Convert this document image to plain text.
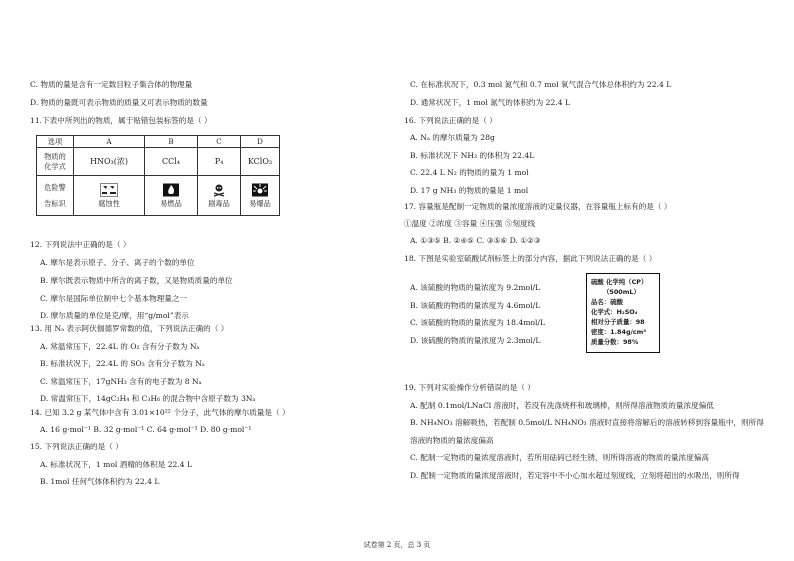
C. 物质的量是含有一定数目粒子集合体的物理量
D. 物质的量既可表示物质的质量又可表示物质的数量
11.下表中所列出的物质，属于贴错包装标签的是（ ）
选项	A	B	C	D

物质的
化学式	HNO₃(浓)	CCl₄	P₄	KClO₃

危险警
告标识	腐蚀性	易燃品	剧毒品	易爆品
12. 下列说法中正确的是（ ）
A. 摩尔是表示原子、分子、离子的个数的单位
B. 摩尔既表示物质中所含的离子数，又是物质质量的单位
C. 摩尔是国际单位制中七个基本物理量之一
D. 摩尔质量的单位是克/摩，用“g/mol”表示
13. 用 Nₐ 表示阿伏伽德罗常数的值，下列说法正确的（ ）
A. 常温常压下，22.4L 的 O₂ 含有分子数为 Nₐ
B. 标准状况下，22.4L 的 SO₃ 含有分子数为 Nₐ
C. 常温常压下，17gNH₃ 含有的电子数为 8 Nₐ
D. 常温常压下，14gC₂H₄ 和 C₃H₆ 的混合物中含原子数为 3Nₐ
14. 已知 3.2 g 某气体中含有 3.01×10²² 个分子，此气体的摩尔质量是（ ）
A. 16 g·mol⁻¹ B. 32 g·mol⁻¹ C. 64 g·mol⁻¹ D. 80 g·mol⁻¹
15. 下列说法正确的是（ ）
A. 标准状况下，1 mol 酒精的体积是 22.4 L
B. 1mol 任何气体体积约为 22.4 L
C. 在标准状况下，0.3 mol 氮气和 0.7 mol 氧气混合气体总体积约为 22.4 L
D. 通常状况下，1 mol 氮气的体积约为 22.4 L
16. 下列说法正确的是（ ）
A. Nₐ 的摩尔质量为 28g
B. 标准状况下 NH₃ 的体积为 22.4L
C. 22.4 L N₂ 的物质的量为 1 mol
D. 17 g NH₃ 的物质的量是 1 mol
17. 容量瓶是配制一定物质的量浓度溶液的定量仪器，在容量瓶上标有的是（ ）
①温度 ②浓度 ③容量 ④压强 ⑤刻度线
A. ①③⑤ B. ②④⑤ C. ③⑤⑥ D. ①②③
18. 下图是实验室硫酸试剂标签上的部分内容，据此下列说法正确的是（ ）
A. 该硫酸的物质的量浓度为 9.2mol/L
B. 该硫酸的物质的量浓度为 4.6mol/L
C. 该硫酸的物质的量浓度为 18.4mol/L
D. 该硫酸的物质的量浓度为 2.3mol/L
硫酸 化学纯（CP）
（500mL）
品名：硫酸
化学式：H₂SO₄
相对分子质量：98
密度：1.84g/cm³
质量分数：98%
19. 下列对实验操作分析错误的是（ ）
A. 配制 0.1mol/LNaCl 溶液时，若没有洗涤烧杯和玻璃棒，则所得溶液物质的量浓度偏低
B. NH₄NO₃ 溶解吸热，若配制 0.5mol/L NH₄NO₃ 溶液时直接将溶解后的溶液转移到容量瓶中，则所得
溶液的物质的量浓度偏高
C. 配制一定物质的量浓度溶液时，若所用砝码已经生锈，则所得溶液的物质的量浓度偏高
D. 配制一定物质的量浓度溶液时，若定容中不小心加水超过刻度线，立刻将超出的水吸出，则所得
试卷第 2 页，总 3 页
